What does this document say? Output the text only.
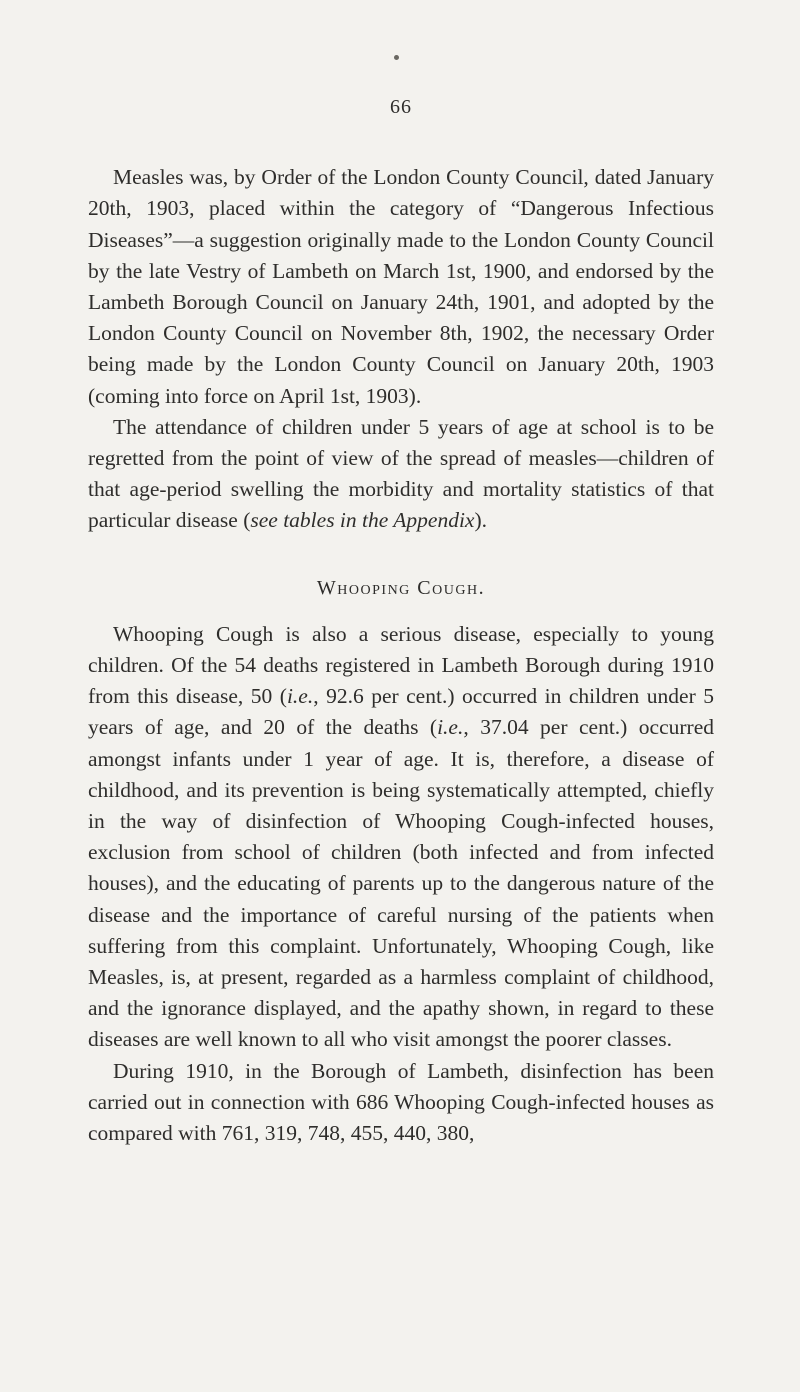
66

Measles was, by Order of the London County Council, dated January 20th, 1903, placed within the category of “Dangerous Infectious Diseases”—a suggestion originally made to the London County Council by the late Vestry of Lambeth on March 1st, 1900, and endorsed by the Lambeth Borough Council on January 24th, 1901, and adopted by the London County Council on November 8th, 1902, the necessary Order being made by the London County Council on January 20th, 1903 (coming into force on April 1st, 1903).

The attendance of children under 5 years of age at school is to be regretted from the point of view of the spread of measles—children of that age-period swelling the morbidity and mortality statistics of that particular disease (see tables in the Appendix).

Whooping Cough.

Whooping Cough is also a serious disease, especially to young children. Of the 54 deaths registered in Lambeth Borough during 1910 from this disease, 50 (i.e., 92.6 per cent.) occurred in children under 5 years of age, and 20 of the deaths (i.e., 37.04 per cent.) occurred amongst infants under 1 year of age. It is, therefore, a disease of childhood, and its prevention is being systematically attempted, chiefly in the way of disinfection of Whooping Cough-infected houses, exclusion from school of children (both infected and from infected houses), and the educating of parents up to the dangerous nature of the disease and the importance of careful nursing of the patients when suffering from this complaint. Unfortunately, Whooping Cough, like Measles, is, at present, regarded as a harmless complaint of childhood, and the ignorance displayed, and the apathy shown, in regard to these diseases are well known to all who visit amongst the poorer classes.

During 1910, in the Borough of Lambeth, disinfection has been carried out in connection with 686 Whooping Cough-infected houses as compared with 761, 319, 748, 455, 440, 380,
